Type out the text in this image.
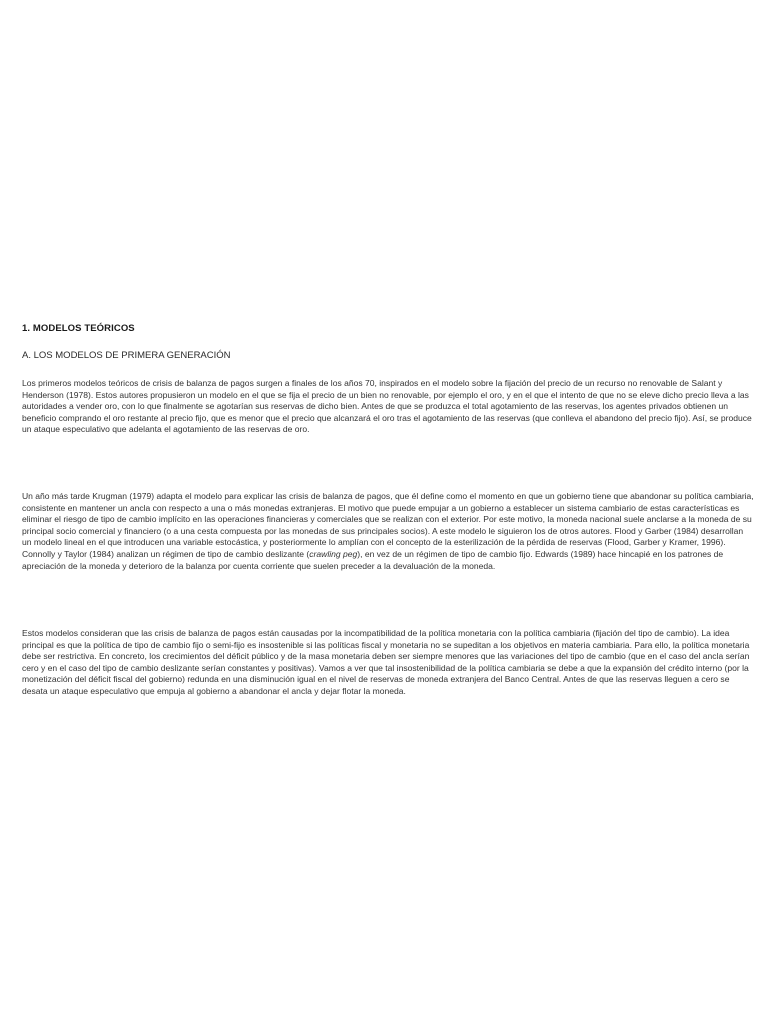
1. MODELOS TEÓRICOS
A. LOS MODELOS DE PRIMERA GENERACIÓN

Los primeros modelos teóricos de crisis de balanza de pagos surgen a finales de los años 70, inspirados en el modelo sobre la fijación del precio de un recurso no renovable de Salant y Henderson (1978). Estos autores propusieron un modelo en el que se fija el precio de un bien no renovable, por ejemplo el oro, y en el que el intento de que no se eleve dicho precio lleva a las autoridades a vender oro, con lo que finalmente se agotarían sus reservas de dicho bien. Antes de que se produzca el total agotamiento de las reservas, los agentes privados obtienen un beneficio comprando el oro restante al precio fijo, que es menor que el precio que alcanzará el oro tras el agotamiento de las reservas (que conlleva el abandono del precio fijo). Así, se produce un ataque especulativo que adelanta el agotamiento de las reservas de oro.

Un año más tarde Krugman (1979) adapta el modelo para explicar las crisis de balanza de pagos, que él define como el momento en que un gobierno tiene que abandonar su política cambiaria, consistente en mantener un ancla con respecto a una o más monedas extranjeras. El motivo que puede empujar a un gobierno a establecer un sistema cambiario de estas características es eliminar el riesgo de tipo de cambio implícito en las operaciones financieras y comerciales que se realizan con el exterior. Por este motivo, la moneda nacional suele anclarse a la moneda de su principal socio comercial y financiero (o a una cesta compuesta por las monedas de sus principales socios). A este modelo le siguieron los de otros autores. Flood y Garber (1984) desarrollan un modelo lineal en el que introducen una variable estocástica, y posteriormente lo amplían con el concepto de la esterilización de la pérdida de reservas (Flood, Garber y Kramer, 1996). Connolly y Taylor (1984) analizan un régimen de tipo de cambio deslizante (crawling peg), en vez de un régimen de tipo de cambio fijo. Edwards (1989) hace hincapié en los patrones de apreciación de la moneda y deterioro de la balanza por cuenta corriente que suelen preceder a la devaluación de la moneda.

Estos modelos consideran que las crisis de balanza de pagos están causadas por la incompatibilidad de la política monetaria con la política cambiaria (fijación del tipo de cambio). La idea principal es que la política de tipo de cambio fijo o semi-fijo es insostenible si las políticas fiscal y monetaria no se supeditan a los objetivos en materia cambiaria. Para ello, la política monetaria debe ser restrictiva. En concreto, los crecimientos del déficit público y de la masa monetaria deben ser siempre menores que las variaciones del tipo de cambio (que en el caso del ancla serían cero y en el caso del tipo de cambio deslizante serían constantes y positivas). Vamos a ver que tal insostenibilidad de la política cambiaria se debe a que la expansión del crédito interno (por la monetización del déficit fiscal del gobierno) redunda en una disminución igual en el nivel de reservas de moneda extranjera del Banco Central. Antes de que las reservas lleguen a cero se desata un ataque especulativo que empuja al gobierno a abandonar el ancla y dejar flotar la moneda.
